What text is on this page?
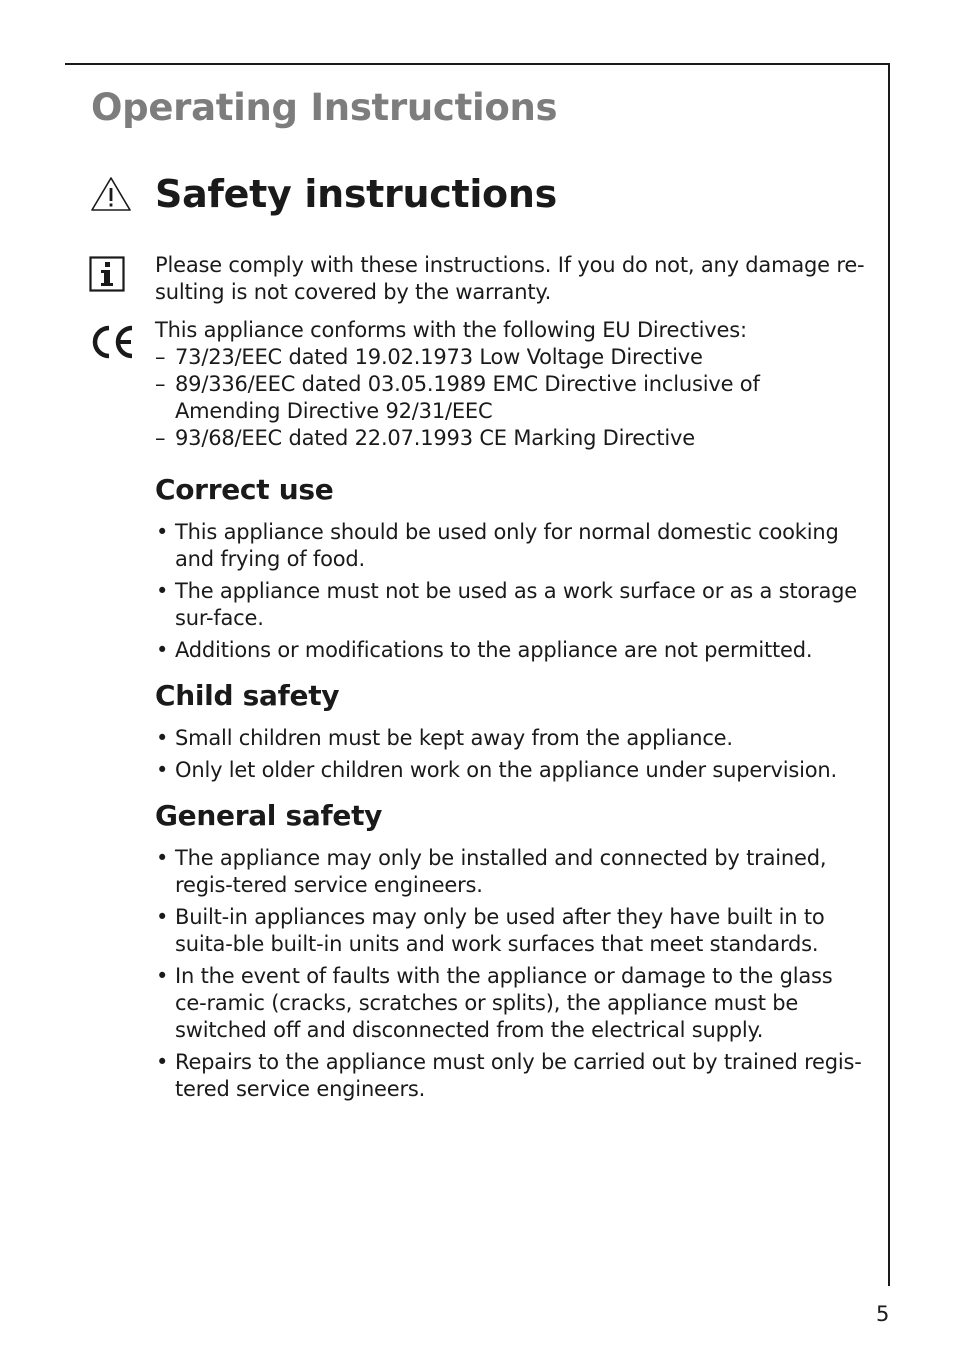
Operating Instructions
Safety instructions

Please comply with these instructions. If you do not, any damage re-sulting is not covered by the warranty.

This appliance conforms with the following EU Directives:

– 73/23/EEC dated 19.02.1973 Low Voltage Directive
– 89/336/EEC dated 03.05.1989 EMC Directive inclusive of Amending Directive 92/31/EEC
– 93/68/EEC dated 22.07.1993 CE Marking Directive
Correct use
• This appliance should be used only for normal domestic cooking and frying of food.
• The appliance must not be used as a work surface or as a storage sur-face.
• Additions or modifications to the appliance are not permitted.
Child safety
• Small children must be kept away from the appliance.
• Only let older children work on the appliance under supervision.
General safety
• The appliance may only be installed and connected by trained, regis-tered service engineers.
• Built-in appliances may only be used after they have built in to suita-ble built-in units and work surfaces that meet standards.
• In the event of faults with the appliance or damage to the glass ce-ramic (cracks, scratches or splits), the appliance must be switched off and disconnected from the electrical supply.
• Repairs to the appliance must only be carried out by trained regis-tered service engineers.
5
